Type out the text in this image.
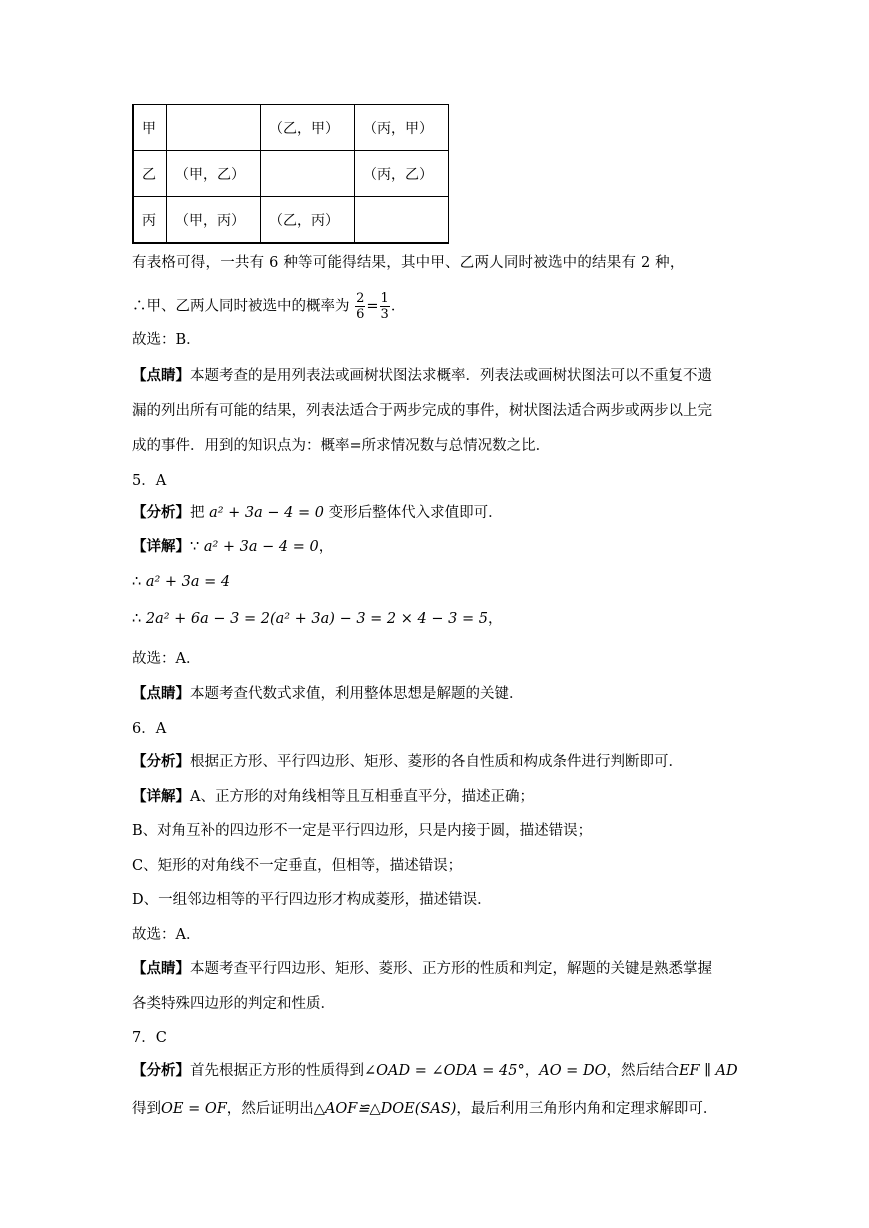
甲		（乙，甲）	（丙，甲）
乙	（甲，乙）		（丙，乙）
丙	（甲，丙）	（乙，丙）	
有表格可得，一共有 6 种等可能得结果，其中甲、乙两人同时被选中的结果有 2 种，
∴甲、乙两人同时被选中的概率为 $\frac{2}{6} = \frac{1}{3}$ ．
故选：B．
【点睛】本题考查的是用列表法或画树状图法求概率．列表法或画树状图法可以不重复不遗
漏的列出所有可能的结果，列表法适合于两步完成的事件，树状图法适合两步或两步以上完
成的事件．用到的知识点为：概率=所求情况数与总情况数之比．
5．A
【分析】把 a² + 3a − 4 = 0 变形后整体代入求值即可．
【详解】∵ a² + 3a − 4 = 0，
∴ a² + 3a = 4
∴ 2a² + 6a − 3 = 2(a² + 3a) − 3 = 2 × 4 − 3 = 5，
故选：A．
【点睛】本题考查代数式求值，利用整体思想是解题的关键．
6．A
【分析】根据正方形、平行四边形、矩形、菱形的各自性质和构成条件进行判断即可．
【详解】A、正方形的对角线相等且互相垂直平分，描述正确；
B、对角互补的四边形不一定是平行四边形，只是内接于圆，描述错误；
C、矩形的对角线不一定垂直，但相等，描述错误；
D、一组邻边相等的平行四边形才构成菱形，描述错误．
故选：A．
【点睛】本题考查平行四边形、矩形、菱形、正方形的性质和判定，解题的关键是熟悉掌握
各类特殊四边形的判定和性质．
7．C
【分析】首先根据正方形的性质得到∠OAD = ∠ODA = 45°，AO = DO，然后结合EF ∥ AD
得到OE = OF，然后证明出△AOF≌△DOE(SAS)，最后利用三角形内角和定理求解即可．
